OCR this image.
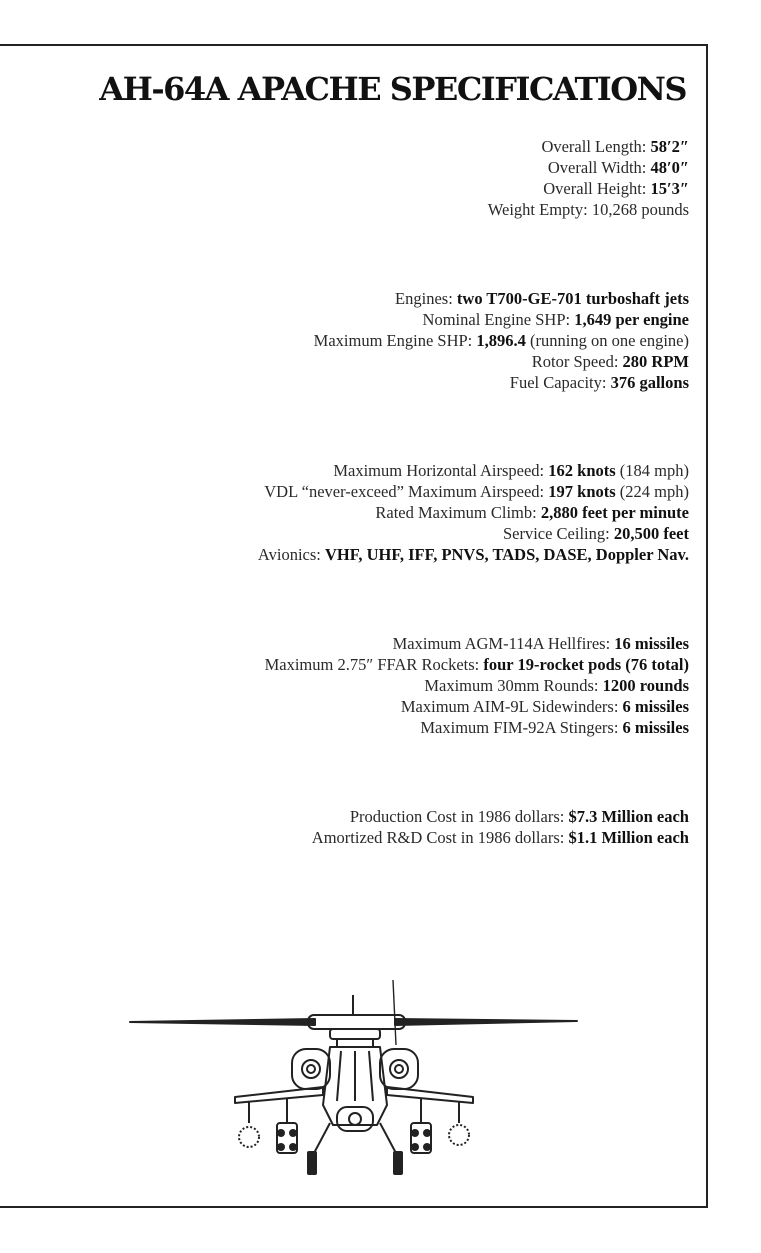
AH-64A APACHE SPECIFICATIONS
Overall Length: 58′2″
Overall Width: 48′0″
Overall Height: 15′3″
Weight Empty: 10,268 pounds
Engines: two T700-GE-701 turboshaft jets
Nominal Engine SHP: 1,649 per engine
Maximum Engine SHP: 1,896.4 (running on one engine)
Rotor Speed: 280 RPM
Fuel Capacity: 376 gallons
Maximum Horizontal Airspeed: 162 knots (184 mph)
VDL “never-exceed” Maximum Airspeed: 197 knots (224 mph)
Rated Maximum Climb: 2,880 feet per minute
Service Ceiling: 20,500 feet
Avionics: VHF, UHF, IFF, PNVS, TADS, DASE, Doppler Nav.
Maximum AGM-114A Hellfires: 16 missiles
Maximum 2.75″ FFAR Rockets: four 19-rocket pods (76 total)
Maximum 30mm Rounds: 1200 rounds
Maximum AIM-9L Sidewinders: 6 missiles
Maximum FIM-92A Stingers: 6 missiles
Production Cost in 1986 dollars: $7.3 Million each
Amortized R&D Cost in 1986 dollars: $1.1 Million each
